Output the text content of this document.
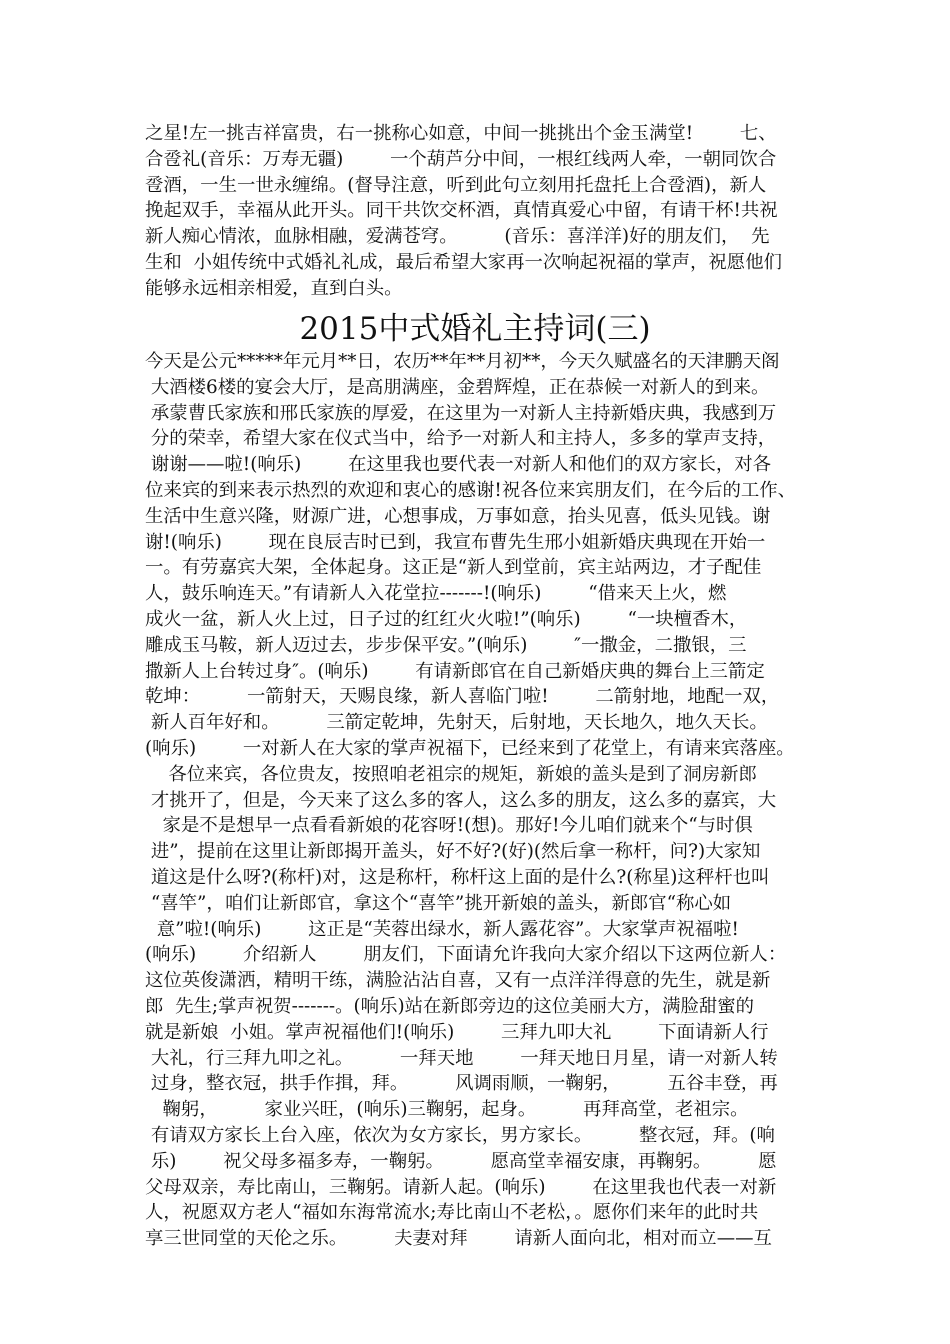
之星!左一挑吉祥富贵，右一挑称心如意，中间一挑挑出个金玉满堂!        七、
合卺礼(音乐：万寿无疆)        一个葫芦分中间，一根红线两人牵，一朝同饮合
卺酒，一生一世永缠绵。(督导注意，听到此句立刻用托盘托上合卺酒)，新人
挽起双手，幸福从此开头。同干共饮交杯酒，真情真爱心中留，有请干杯!共祝
新人痴心情浓，血脉相融，爱满苍穹。        (音乐：喜洋洋)好的朋友们，  先
生和  小姐传统中式婚礼礼成，最后希望大家再一次响起祝福的掌声，祝愿他们
能够永远相亲相爱，直到白头。
2015中式婚礼主持词(三)
今天是公元*****年元月**日，农历**年**月初**，今天久赋盛名的天津鹏天阁
大酒楼6楼的宴会大厅，是高朋满座，金碧辉煌，正在恭候一对新人的到来。
承蒙曹氏家族和邢氏家族的厚爱，在这里为一对新人主持新婚庆典，我感到万
分的荣幸，希望大家在仪式当中，给予一对新人和主持人，多多的掌声支持，
谢谢——啦!(响乐)        在这里我也要代表一对新人和他们的双方家长，对各
位来宾的到来表示热烈的欢迎和衷心的感谢!祝各位来宾朋友们，在今后的工作、
生活中生意兴隆，财源广进，心想事成，万事如意，抬头见喜，低头见钱。谢
谢!(响乐)        现在良辰吉时已到，我宣布曹先生邢小姐新婚庆典现在开始一
一。有劳嘉宾大架，全体起身。这正是“新人到堂前，宾主站两边，才子配佳
人，鼓乐响连天。”有请新人入花堂拉-------!(响乐)        “借来天上火，燃
成火一盆，新人火上过，日子过的红红火火啦!”(响乐)        “一块檀香木，
雕成玉马鞍，新人迈过去，步步保平安。”(响乐)        ″一撒金，二撒银，三
撒新人上台转过身″。(响乐)        有请新郎官在自己新婚庆典的舞台上三箭定
乾坤：        一箭射天，天赐良缘，新人喜临门啦!        二箭射地，地配一双，
新人百年好和。        三箭定乾坤，先射天，后射地，天长地久，地久天长。
(响乐)        一对新人在大家的掌声祝福下，已经来到了花堂上，有请来宾落座。
各位来宾，各位贵友，按照咱老祖宗的规矩，新娘的盖头是到了洞房新郎
才挑开了，但是，今天来了这么多的客人，这么多的朋友，这么多的嘉宾，大
家是不是想早一点看看新娘的花容呀!(想)。那好!今儿咱们就来个“与时俱
进”，提前在这里让新郎揭开盖头，好不好?(好)(然后拿一称杆，问?)大家知
道这是什么呀?(称杆)对，这是称杆，称杆这上面的是什么?(称星)这秤杆也叫
“喜竿”，咱们让新郎官，拿这个“喜竿”挑开新娘的盖头，新郎官“称心如
意”啦!(响乐)        这正是“芙蓉出绿水，新人露花容”。大家掌声祝福啦!
(响乐)        介绍新人        朋友们，下面请允许我向大家介绍以下这两位新人：
这位英俊潇洒，精明干练，满脸沾沾自喜，又有一点洋洋得意的先生，就是新
郎  先生;掌声祝贺-------。(响乐)站在新郎旁边的这位美丽大方，满脸甜蜜的
就是新娘  小姐。掌声祝福他们!(响乐)        三拜九叩大礼        下面请新人行
大礼，行三拜九叩之礼。        一拜天地        一拜天地日月星，请一对新人转
过身，整衣冠，拱手作揖，拜。        风调雨顺，一鞠躬，        五谷丰登，再
鞠躬，        家业兴旺，(响乐)三鞠躬，起身。        再拜高堂，老祖宗。
有请双方家长上台入座，依次为女方家长，男方家长。        整衣冠，拜。(响
乐)        祝父母多福多寿，一鞠躬。        愿高堂幸福安康，再鞠躬。        愿
父母双亲，寿比南山，三鞠躬。请新人起。(响乐)        在这里我也代表一对新
人，祝愿双方老人“福如东海常流水;寿比南山不老松，。愿你们来年的此时共
享三世同堂的天伦之乐。        夫妻对拜        请新人面向北，相对而立——互
